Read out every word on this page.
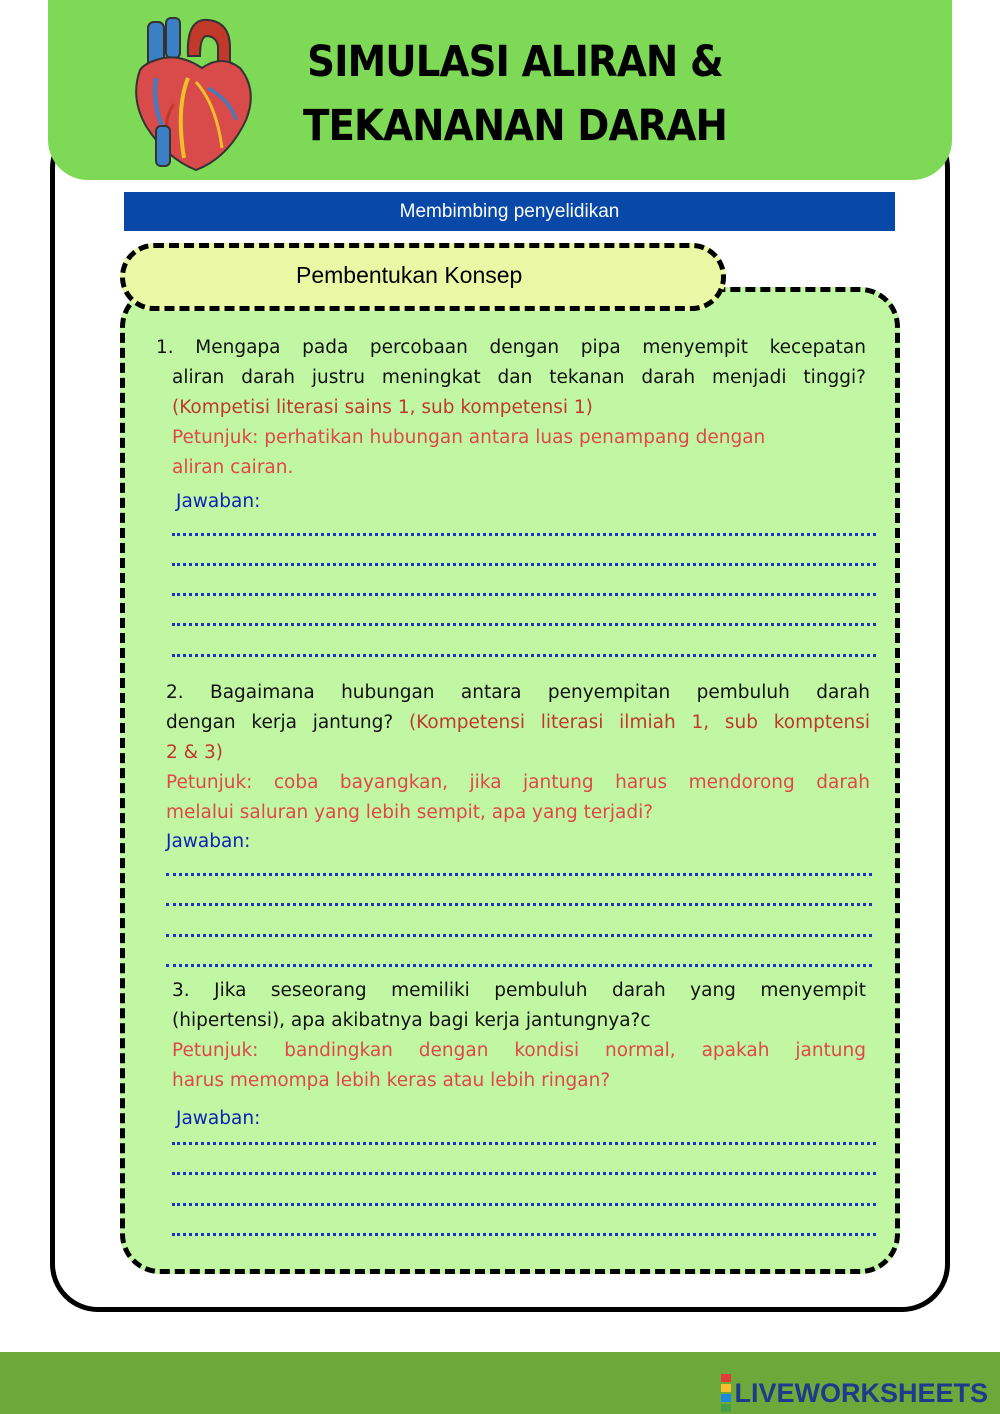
SIMULASI ALIRAN &
TEKANANAN DARAH
Membimbing penyelidikan
Pembentukan Konsep
1. Mengapa pada percobaan dengan pipa menyempit kecepatan
aliran darah justru meningkat dan tekanan darah menjadi tinggi?
(Kompetisi literasi sains 1, sub kompetensi 1)
Petunjuk: perhatikan hubungan antara luas penampang dengan
aliran cairan.
Jawaban:
2. Bagaimana hubungan antara penyempitan pembuluh darah
dengan kerja jantung? (Kompetensi literasi ilmiah 1, sub komptensi
2 & 3)
Petunjuk: coba bayangkan, jika jantung harus mendorong darah
melalui saluran yang lebih sempit, apa yang terjadi?
Jawaban:
3. Jika seseorang memiliki pembuluh darah yang menyempit
(hipertensi), apa akibatnya bagi kerja jantungnya?c
Petunjuk: bandingkan dengan kondisi normal, apakah jantung
harus memompa lebih keras atau lebih ringan?
Jawaban:
LIVEWORKSHEETS
